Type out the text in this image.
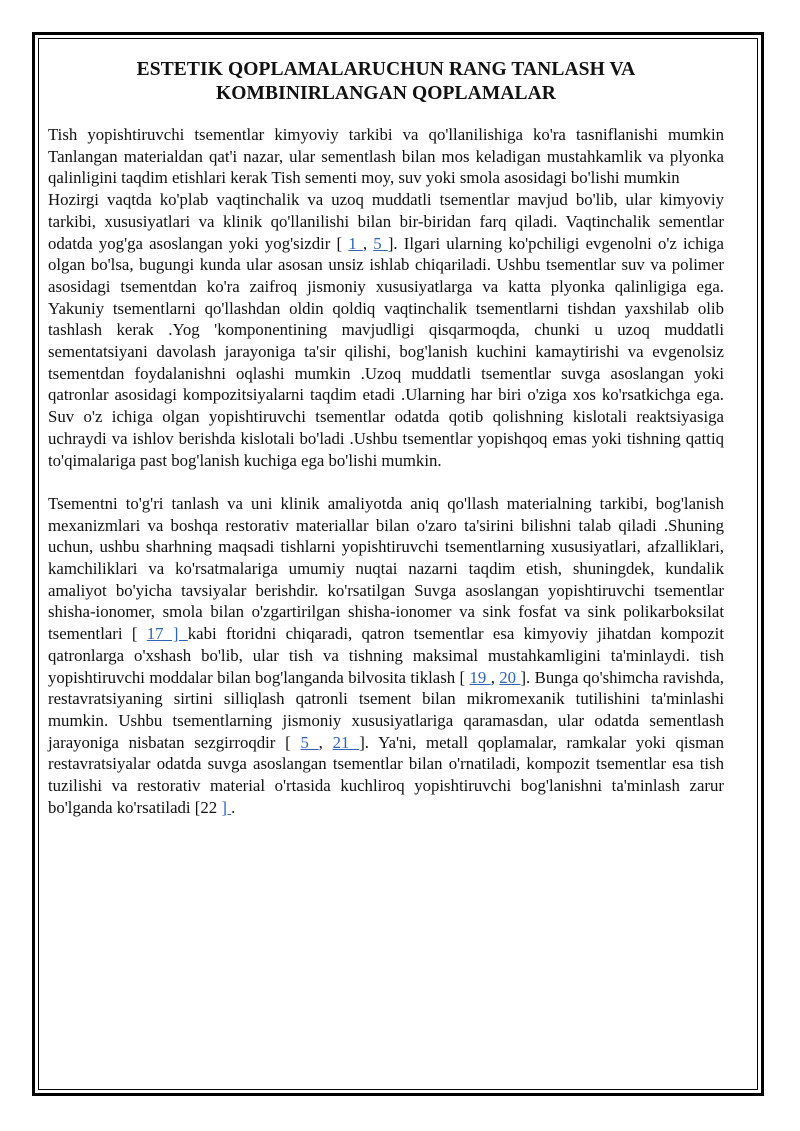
ESTETIK QOPLAMALARUCHUN RANG TANLASH VA
KOMBINIRLANGAN QOPLAMALAR

Tish yopishtiruvchi tsementlar kimyoviy tarkibi va qo'llanilishiga ko'ra tasniflanishi mumkin Tanlangan materialdan qat'i nazar, ular sementlash bilan mos keladigan mustahkamlik va plyonka qalinligini taqdim etishlari kerak Tish sementi moy, suv yoki smola asosidagi bo'lishi mumkin

Hozirgi vaqtda ko'plab vaqtinchalik va uzoq muddatli tsementlar mavjud bo'lib, ular kimyoviy tarkibi, xususiyatlari va klinik qo'llanilishi bilan bir-biridan farq qiladi. Vaqtinchalik sementlar odatda yog'ga asoslangan yoki yog'sizdir [ 1 , 5 ]. Ilgari ularning ko'pchiligi evgenolni o'z ichiga olgan bo'lsa, bugungi kunda ular asosan unsiz ishlab chiqariladi. Ushbu tsementlar suv va polimer asosidagi tsementdan ko'ra zaifroq jismoniy xususiyatlarga va katta plyonka qalinligiga ega. Yakuniy tsementlarni qo'llashdan oldin qoldiq vaqtinchalik tsementlarni tishdan yaxshilab olib tashlash kerak .Yog 'komponentining mavjudligi qisqarmoqda, chunki u uzoq muddatli sementatsiyani davolash jarayoniga ta'sir qilishi, bog'lanish kuchini kamaytirishi va evgenolsiz tsementdan foydalanishni oqlashi mumkin .Uzoq muddatli tsementlar suvga asoslangan yoki qatronlar asosidagi kompozitsiyalarni taqdim etadi .Ularning har biri o'ziga xos ko'rsatkichga ega. Suv o'z ichiga olgan yopishtiruvchi tsementlar odatda qotib qolishning kislotali reaktsiyasiga uchraydi va ishlov berishda kislotali bo'ladi .Ushbu tsementlar yopishqoq emas yoki tishning qattiq to'qimalariga past bog'lanish kuchiga ega bo'lishi mumkin.

Tsementni to'g'ri tanlash va uni klinik amaliyotda aniq qo'llash materialning tarkibi, bog'lanish mexanizmlari va boshqa restorativ materiallar bilan o'zaro ta'sirini bilishni talab qiladi .Shuning uchun, ushbu sharhning maqsadi tishlarni yopishtiruvchi tsementlarning xususiyatlari, afzalliklari, kamchiliklari va ko'rsatmalariga umumiy nuqtai nazarni taqdim etish, shuningdek, kundalik amaliyot bo'yicha tavsiyalar berishdir. ko'rsatilgan Suvga asoslangan yopishtiruvchi tsementlar shisha-ionomer, smola bilan o'zgartirilgan shisha-ionomer va sink fosfat va sink polikarboksilat tsementlari [ 17 ] kabi ftoridni chiqaradi, qatron tsementlar esa kimyoviy jihatdan kompozit qatronlarga o'xshash bo'lib, ular tish va tishning maksimal mustahkamligini ta'minlaydi. tish yopishtiruvchi moddalar bilan bog'langanda bilvosita tiklash [ 19 , 20 ]. Bunga qo'shimcha ravishda, restavratsiyaning sirtini silliqlash qatronli tsement bilan mikromexanik tutilishini ta'minlashi mumkin. Ushbu tsementlarning jismoniy xususiyatlariga qaramasdan, ular odatda sementlash jarayoniga nisbatan sezgirroqdir [ 5 , 21 ]. Ya'ni, metall qoplamalar, ramkalar yoki qisman restavratsiyalar odatda suvga asoslangan tsementlar bilan o'rnatiladi, kompozit tsementlar esa tish tuzilishi va restorativ material o'rtasida kuchliroq yopishtiruvchi bog'lanishni ta'minlash zarur bo'lganda ko'rsatiladi [22 ] .
